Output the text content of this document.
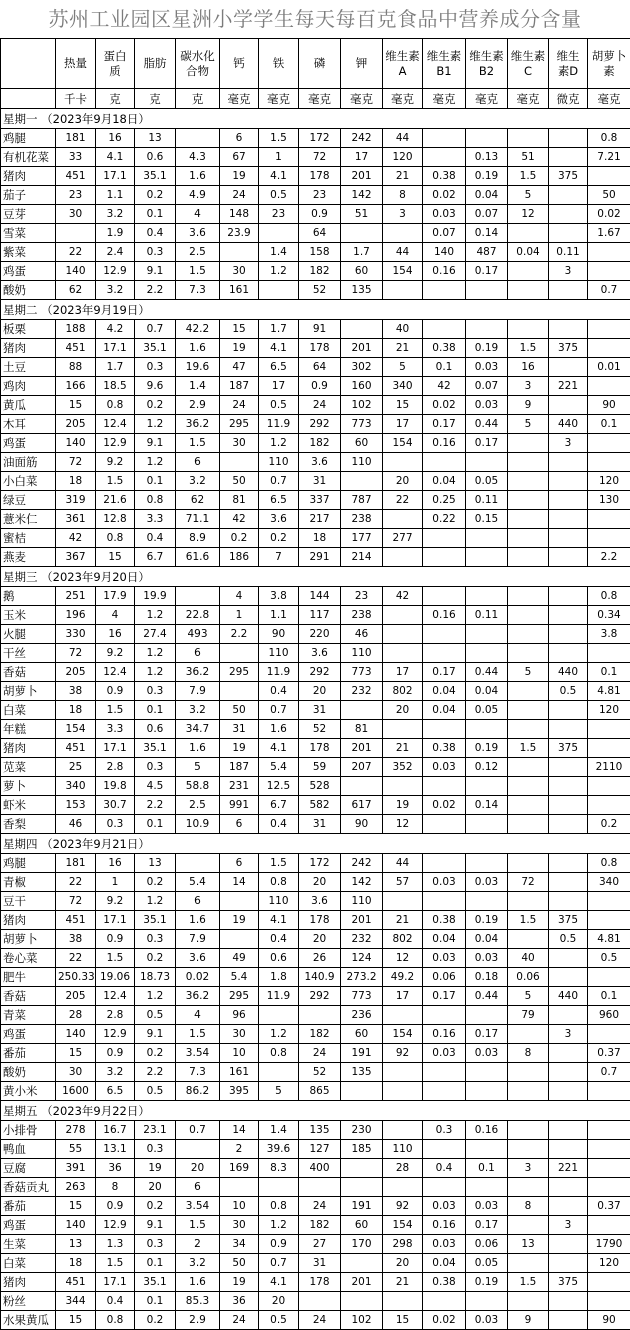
苏州工业园区星洲小学学生每天每百克食品中营养成分含量
	热量	蛋白质	脂肪	碳水化合物	钙	铁	磷	钾	维生素A	维生素B1	维生素B2	维生素C	维生素D	胡萝卜素
	千卡	克	克	克	毫克	毫克	毫克	毫克	毫克	毫克	毫克	毫克	微克	毫克
星期一 （2023年9月18日）														
鸡腿	181	16	13		6	1.5	172	242	44					0.8
有机花菜	33	4.1	0.6	4.3	67	1	72	17	120		0.13	51		7.21
猪肉	451	17.1	35.1	1.6	19	4.1	178	201	21	0.38	0.19	1.5	375	
茄子	23	1.1	0.2	4.9	24	0.5	23	142	8	0.02	0.04	5		50
豆芽	30	3.2	0.1	4	148	23	0.9	51	3	0.03	0.07	12		0.02
雪菜		1.9	0.4	3.6	23.9		64			0.07	0.14			1.67
紫菜	22	2.4	0.3	2.5		1.4	158	1.7	44	140	487	0.04	0.11	
鸡蛋	140	12.9	9.1	1.5	30	1.2	182	60	154	0.16	0.17		3	
酸奶	62	3.2	2.2	7.3	161		52	135						0.7
星期二 （2023年9月19日）														
板栗	188	4.2	0.7	42.2	15	1.7	91		40					
猪肉	451	17.1	35.1	1.6	19	4.1	178	201	21	0.38	0.19	1.5	375	
土豆	88	1.7	0.3	19.6	47	6.5	64	302	5	0.1	0.03	16		0.01
鸡肉	166	18.5	9.6	1.4	187	17	0.9	160	340	42	0.07	3	221	
黄瓜	15	0.8	0.2	2.9	24	0.5	24	102	15	0.02	0.03	9		90
木耳	205	12.4	1.2	36.2	295	11.9	292	773	17	0.17	0.44	5	440	0.1
鸡蛋	140	12.9	9.1	1.5	30	1.2	182	60	154	0.16	0.17		3	
油面筋	72	9.2	1.2	6		110	3.6	110						
小白菜	18	1.5	0.1	3.2	50	0.7	31		20	0.04	0.05			120
绿豆	319	21.6	0.8	62	81	6.5	337	787	22	0.25	0.11			130
薏米仁	361	12.8	3.3	71.1	42	3.6	217	238		0.22	0.15			
蜜桔	42	0.8	0.4	8.9	0.2	0.2	18	177	277					
燕麦	367	15	6.7	61.6	186	7	291	214						2.2
星期三 （2023年9月20日）														
鹅	251	17.9	19.9		4	3.8	144	23	42					0.8
玉米	196	4	1.2	22.8	1	1.1	117	238		0.16	0.11			0.34
火腿	330	16	27.4	493	2.2	90	220	46						3.8
干丝	72	9.2	1.2	6		110	3.6	110						
香菇	205	12.4	1.2	36.2	295	11.9	292	773	17	0.17	0.44	5	440	0.1
胡萝卜	38	0.9	0.3	7.9		0.4	20	232	802	0.04	0.04		0.5	4.81
白菜	18	1.5	0.1	3.2	50	0.7	31		20	0.04	0.05			120
年糕	154	3.3	0.6	34.7	31	1.6	52	81						
猪肉	451	17.1	35.1	1.6	19	4.1	178	201	21	0.38	0.19	1.5	375	
苋菜	25	2.8	0.3	5	187	5.4	59	207	352	0.03	0.12			2110
萝卜	340	19.8	4.5	58.8	231	12.5	528							
虾米	153	30.7	2.2	2.5	991	6.7	582	617	19	0.02	0.14			
香梨	46	0.3	0.1	10.9	6	0.4	31	90	12					0.2
星期四 （2023年9月21日）														
鸡腿	181	16	13		6	1.5	172	242	44					0.8
青椒	22	1	0.2	5.4	14	0.8	20	142	57	0.03	0.03	72		340
豆干	72	9.2	1.2	6		110	3.6	110						
猪肉	451	17.1	35.1	1.6	19	4.1	178	201	21	0.38	0.19	1.5	375	
胡萝卜	38	0.9	0.3	7.9		0.4	20	232	802	0.04	0.04		0.5	4.81
卷心菜	22	1.5	0.2	3.6	49	0.6	26	124	12	0.03	0.03	40		0.5
肥牛	250.33	19.06	18.73	0.02	5.4	1.8	140.9	273.2	49.2	0.06	0.18	0.06		
香菇	205	12.4	1.2	36.2	295	11.9	292	773	17	0.17	0.44	5	440	0.1
青菜	28	2.8	0.5	4	96			236				79		960
鸡蛋	140	12.9	9.1	1.5	30	1.2	182	60	154	0.16	0.17		3	
番茄	15	0.9	0.2	3.54	10	0.8	24	191	92	0.03	0.03	8		0.37
酸奶	30	3.2	2.2	7.3	161		52	135						0.7
黄小米	1600	6.5	0.5	86.2	395	5	865							
星期五 （2023年9月22日）														
小排骨	278	16.7	23.1	0.7	14	1.4	135	230		0.3	0.16			
鸭血	55	13.1	0.3		2	39.6	127	185	110					
豆腐	391	36	19	20	169	8.3	400		28	0.4	0.1	3	221	
香菇贡丸	263	8	20	6										
番茄	15	0.9	0.2	3.54	10	0.8	24	191	92	0.03	0.03	8		0.37
鸡蛋	140	12.9	9.1	1.5	30	1.2	182	60	154	0.16	0.17		3	
生菜	13	1.3	0.3	2	34	0.9	27	170	298	0.03	0.06	13		1790
白菜	18	1.5	0.1	3.2	50	0.7	31		20	0.04	0.05			120
猪肉	451	17.1	35.1	1.6	19	4.1	178	201	21	0.38	0.19	1.5	375	
粉丝	344	0.4	0.1	85.3	36	20								
水果黄瓜	15	0.8	0.2	2.9	24	0.5	24	102	15	0.02	0.03	9		90
